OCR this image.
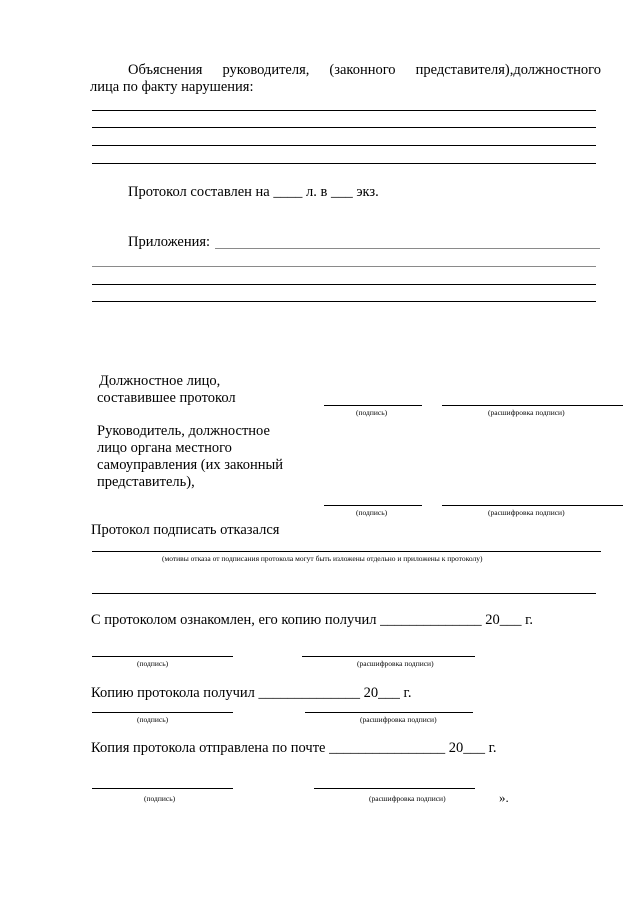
Объяснения руководителя, (законного представителя),должностного
лица по факту нарушения:
Протокол составлен на ____ л. в ___ экз.
Приложения:
Должностное лицо,
составившее протокол
(подпись)	(расшифровка подписи)
Руководитель, должностное
лицо органа местного
самоуправления (их законный
представитель),
(подпись)	(расшифровка подписи)
Протокол подписать отказался
(мотивы отказа от подписания протокола могут быть изложены отдельно и приложены к протоколу)
С протоколом ознакомлен, его копию получил ______________ 20___ г.
(подпись)	(расшифровка подписи)
Копию протокола получил ______________ 20___ г.
(подпись)	(расшифровка подписи)
Копия протокола отправлена по почте ________________ 20___ г.
(подпись)	(расшифровка подписи)	».
